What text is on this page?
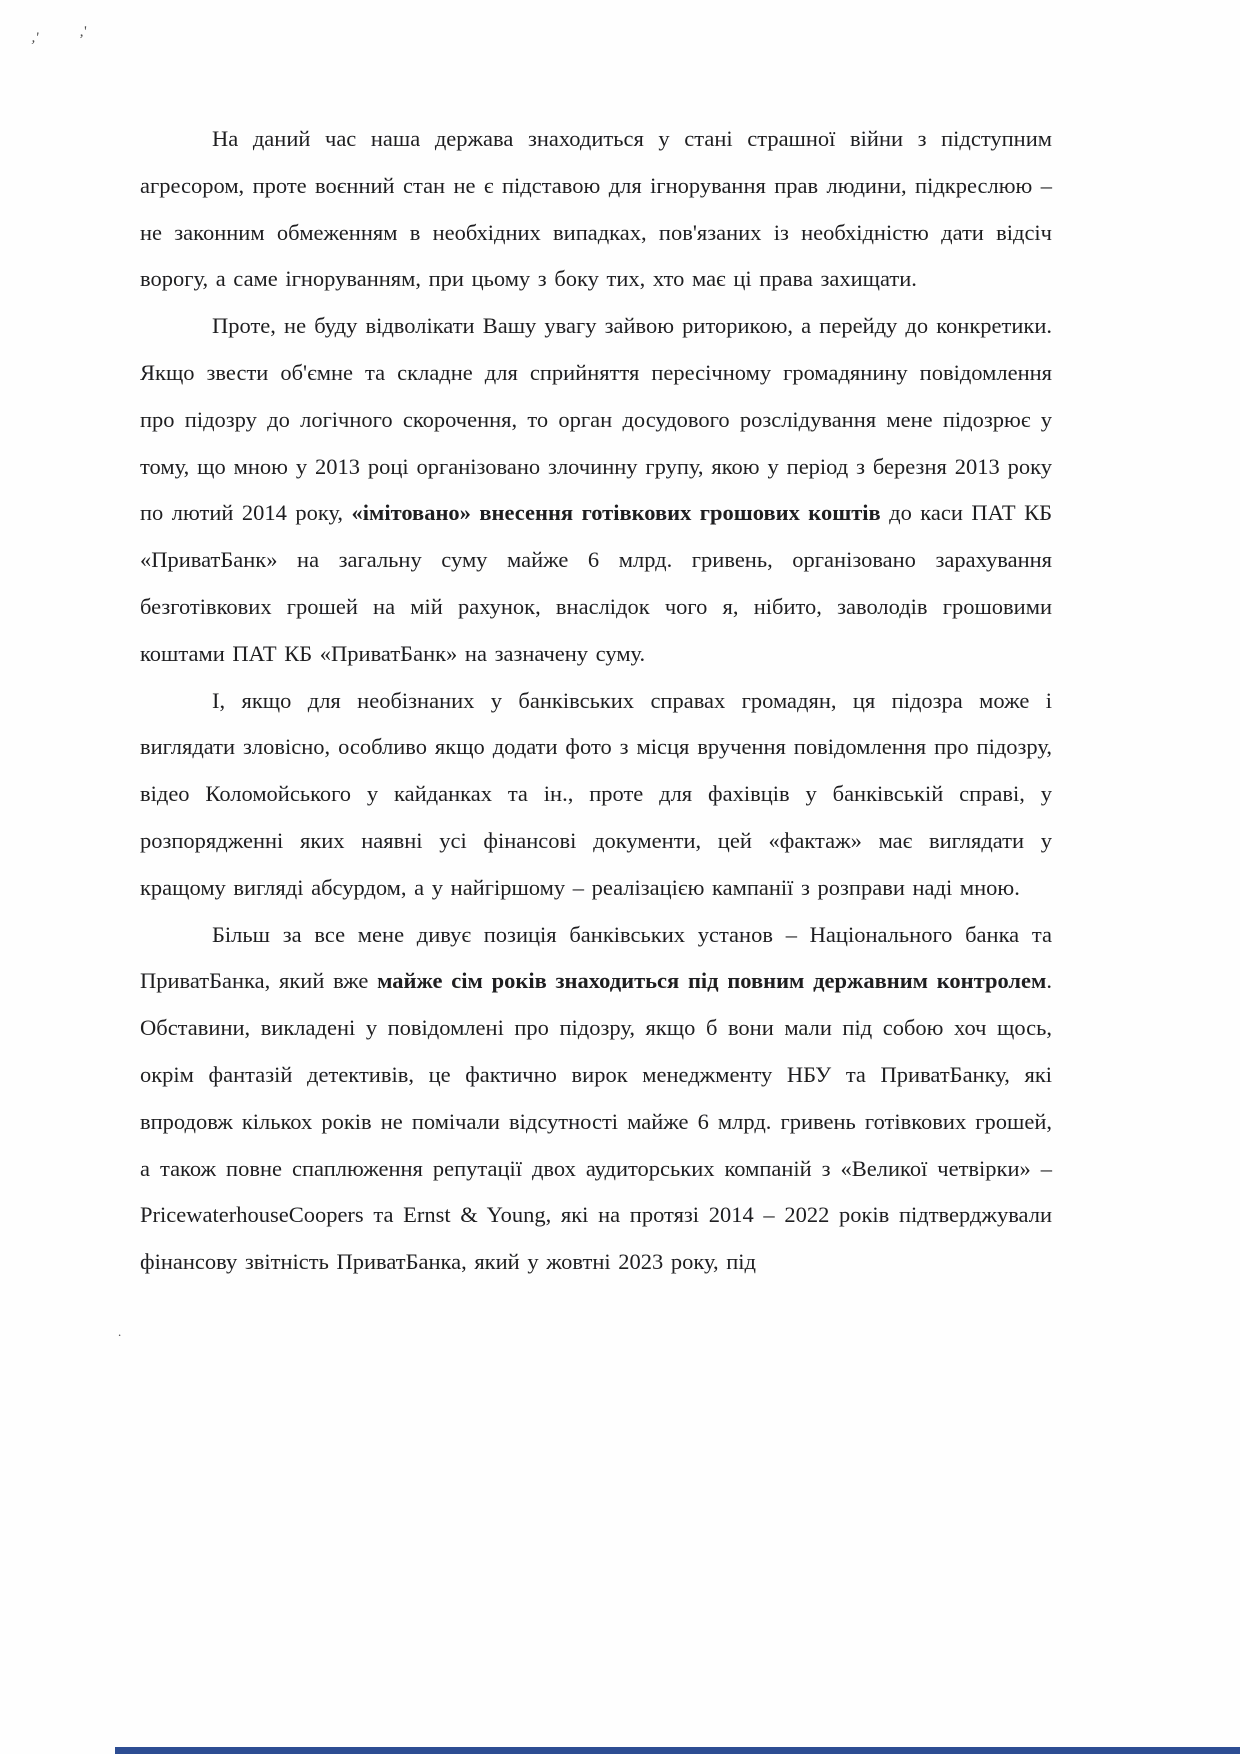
,'	,'
.

На даний час наша держава знаходиться у стані страшної війни з підступним агресором, проте воєнний стан не є підставою для ігнорування прав людини, підкреслюю – не законним обмеженням в необхідних випадках, пов'язаних із необхідністю дати відсіч ворогу, а саме ігноруванням, при цьому з боку тих, хто має ці права захищати.

Проте, не буду відволікати Вашу увагу зайвою риторикою, а перейду до конкретики. Якщо звести об'ємне та складне для сприйняття пересічному громадянину повідомлення про підозру до логічного скорочення, то орган досудового розслідування мене підозрює у тому, що мною у 2013 році організовано злочинну групу, якою у період з березня 2013 року по лютий 2014 року, «імітовано» внесення готівкових грошових коштів до каси ПАТ КБ «ПриватБанк» на загальну суму майже 6 млрд. гривень, організовано зарахування безготівкових грошей на мій рахунок, внаслідок чого я, нібито, заволодів грошовими коштами ПАТ КБ «ПриватБанк» на зазначену суму.

І, якщо для необізнаних у банківських справах громадян, ця підозра може і виглядати зловісно, особливо якщо додати фото з місця вручення повідомлення про підозру, відео Коломойського у кайданках та ін., проте для фахівців у банківській справі, у розпорядженні яких наявні усі фінансові документи, цей «фактаж» має виглядати у кращому вигляді абсурдом, а у найгіршому – реалізацією кампанії з розправи наді мною.

Більш за все мене дивує позиція банківських установ – Національного банка та ПриватБанка, який вже майже сім років знаходиться під повним державним контролем. Обставини, викладені у повідомлені про підозру, якщо б вони мали під собою хоч щось, окрім фантазій детективів, це фактично вирок менеджменту НБУ та ПриватБанку, які впродовж кількох років не помічали відсутності майже 6 млрд. гривень готівкових грошей, а також повне спаплюження репутації двох аудиторських компаній з «Великої четвірки» – PricewaterhouseCoopers та Ernst & Young, які на протязі 2014 – 2022 років підтверджували фінансову звітність ПриватБанка, який у жовтні 2023 року, під
